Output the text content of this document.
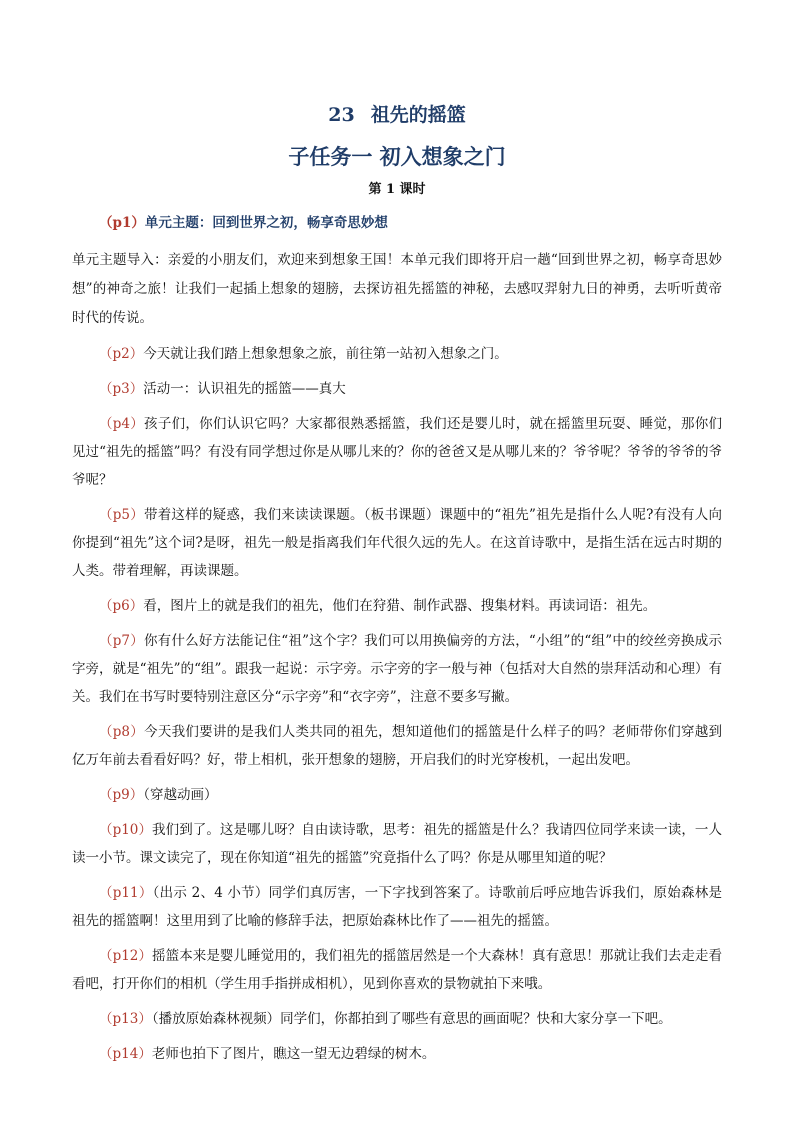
23 祖先的摇篮
子任务一 初入想象之门
第 1 课时

（p1）单元主题：回到世界之初，畅享奇思妙想

单元主题导入：亲爱的小朋友们，欢迎来到想象王国！本单元我们即将开启一趟“回到世界之初，畅享奇思妙想”的神奇之旅！让我们一起插上想象的翅膀，去探访祖先摇篮的神秘，去感叹羿射九日的神勇，去听听黄帝时代的传说。

（p2）今天就让我们踏上想象想象之旅，前往第一站初入想象之门。

（p3）活动一：认识祖先的摇篮——真大

（p4）孩子们，你们认识它吗？大家都很熟悉摇篮，我们还是婴儿时，就在摇篮里玩耍、睡觉，那你们见过“祖先的摇篮”吗？有没有同学想过你是从哪儿来的？你的爸爸又是从哪儿来的？爷爷呢？爷爷的爷爷的爷爷呢？

（p5）带着这样的疑惑，我们来读读课题。（板书课题）课题中的“祖先”祖先是指什么人呢?有没有人向你提到“祖先”这个词?是呀，祖先一般是指离我们年代很久远的先人。在这首诗歌中，是指生活在远古时期的人类。带着理解，再读课题。

（p6）看，图片上的就是我们的祖先，他们在狩猎、制作武器、搜集材料。再读词语：祖先。

（p7）你有什么好方法能记住“祖”这个字？我们可以用换偏旁的方法，“小组”的“组”中的绞丝旁换成示字旁，就是“祖先”的“组”。跟我一起说：示字旁。示字旁的字一般与神（包括对大自然的崇拜活动和心理）有关。我们在书写时要特别注意区分“示字旁”和“衣字旁”，注意不要多写撇。

（p8）今天我们要讲的是我们人类共同的祖先，想知道他们的摇篮是什么样子的吗？老师带你们穿越到亿万年前去看看好吗？好，带上相机，张开想象的翅膀，开启我们的时光穿梭机，一起出发吧。

（p9）（穿越动画）

（p10）我们到了。这是哪儿呀？自由读诗歌，思考：祖先的摇篮是什么？我请四位同学来读一读，一人读一小节。课文读完了，现在你知道“祖先的摇篮”究竟指什么了吗？你是从哪里知道的呢？

（p11）（出示 2、4 小节）同学们真厉害，一下字找到答案了。诗歌前后呼应地告诉我们，原始森林是祖先的摇篮啊！这里用到了比喻的修辞手法，把原始森林比作了——祖先的摇篮。

（p12）摇篮本来是婴儿睡觉用的，我们祖先的摇篮居然是一个大森林！真有意思！那就让我们去走走看看吧，打开你们的相机（学生用手指拼成相机），见到你喜欢的景物就拍下来哦。

（p13）（播放原始森林视频）同学们，你都拍到了哪些有意思的画面呢？快和大家分享一下吧。

（p14）老师也拍下了图片，瞧这一望无边碧绿的树木。
